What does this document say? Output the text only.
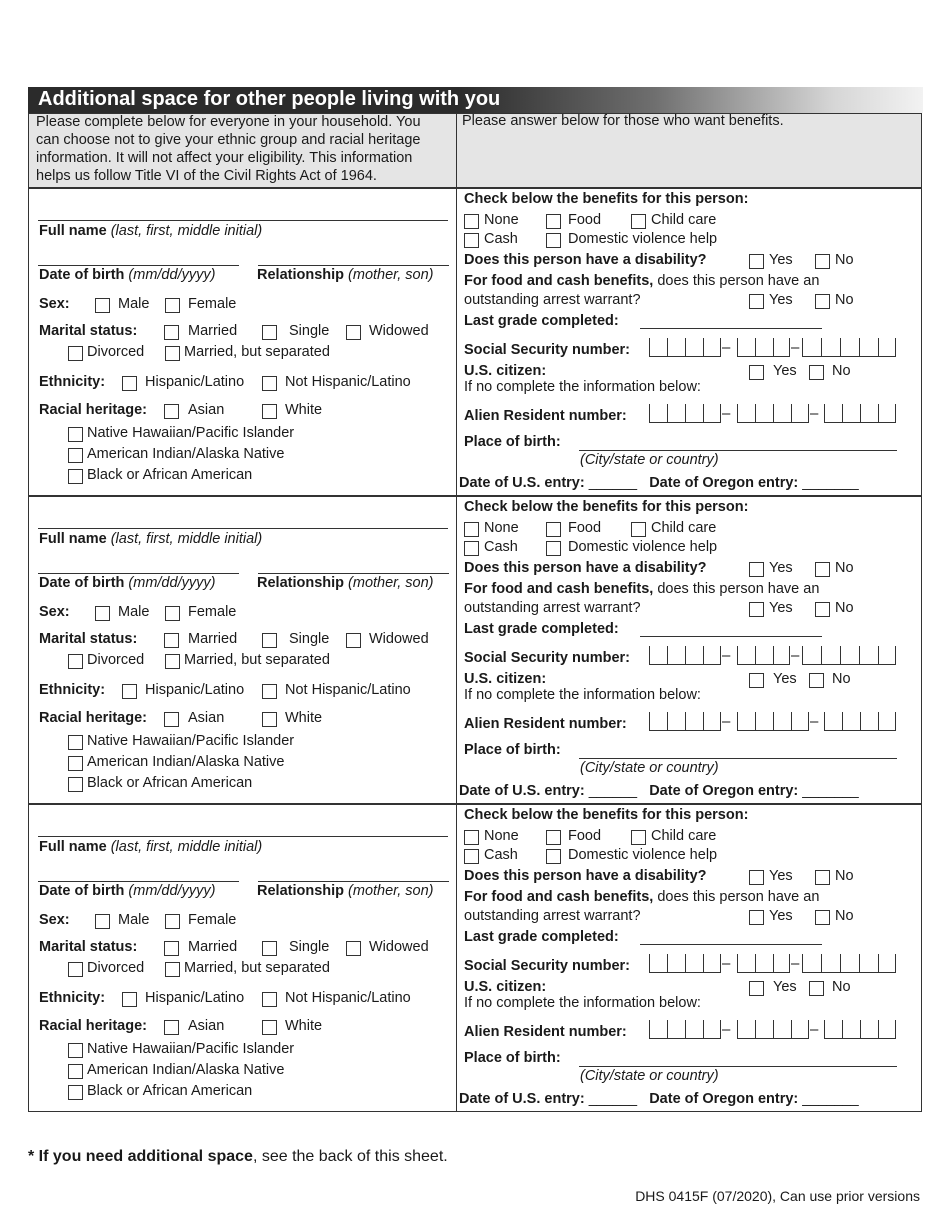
Additional space for other people living with you
Please complete below for everyone in your household. You
can choose not to give your ethnic group and racial heritage
information. It will not affect your eligibility. This information
helps us follow Title VI of the Civil Rights Act of 1964.
Please answer below for those who want benefits.
Full name (last, first, middle initial)
Date of birth (mm/dd/yyyy)	Relationship (mother, son)
Sex:	Male	Female
Marital status:	Married	Single	Widowed
Divorced	Married, but separated
Ethnicity:	Hispanic/Latino	Not Hispanic/Latino
Racial heritage:	Asian	White
Native Hawaiian/Pacific Islander
American Indian/Alaska Native
Black or African American
Check below the benefits for this person:
None	Food	Child care
Cash	Domestic violence help
Does this person have a disability?	Yes	No
For food and cash benefits, does this person have an
outstanding arrest warrant?	Yes	No
Last grade completed:
Social Security number:	–	–
U.S. citizen:	Yes No
If no complete the information below:
Alien Resident number:	–	–
Place of birth:
(City/state or country)
Date of U.S. entry: ______ Date of Oregon entry: _______
Full name (last, first, middle initial)
Date of birth (mm/dd/yyyy)	Relationship (mother, son)
Sex:	Male	Female
Marital status:	Married	Single	Widowed
Divorced	Married, but separated
Ethnicity:	Hispanic/Latino	Not Hispanic/Latino
Racial heritage:	Asian	White
Native Hawaiian/Pacific Islander
American Indian/Alaska Native
Black or African American
Check below the benefits for this person:
None	Food	Child care
Cash	Domestic violence help
Does this person have a disability?	Yes	No
For food and cash benefits, does this person have an
outstanding arrest warrant?	Yes	No
Last grade completed:
Social Security number:	–	–
U.S. citizen:	Yes No
If no complete the information below:
Alien Resident number:	–	–
Place of birth:
(City/state or country)
Date of U.S. entry: ______ Date of Oregon entry: _______
Full name (last, first, middle initial)
Date of birth (mm/dd/yyyy)	Relationship (mother, son)
Sex:	Male	Female
Marital status:	Married	Single	Widowed
Divorced	Married, but separated
Ethnicity:	Hispanic/Latino	Not Hispanic/Latino
Racial heritage:	Asian	White
Native Hawaiian/Pacific Islander
American Indian/Alaska Native
Black or African American
Check below the benefits for this person:
None	Food	Child care
Cash	Domestic violence help
Does this person have a disability?	Yes	No
For food and cash benefits, does this person have an
outstanding arrest warrant?	Yes	No
Last grade completed:
Social Security number:	–	–
U.S. citizen:	Yes No
If no complete the information below:
Alien Resident number:	–	–
Place of birth:
(City/state or country)
Date of U.S. entry: ______ Date of Oregon entry: _______
* If you need additional space, see the back of this sheet.
DHS 0415F (07/2020), Can use prior versions
